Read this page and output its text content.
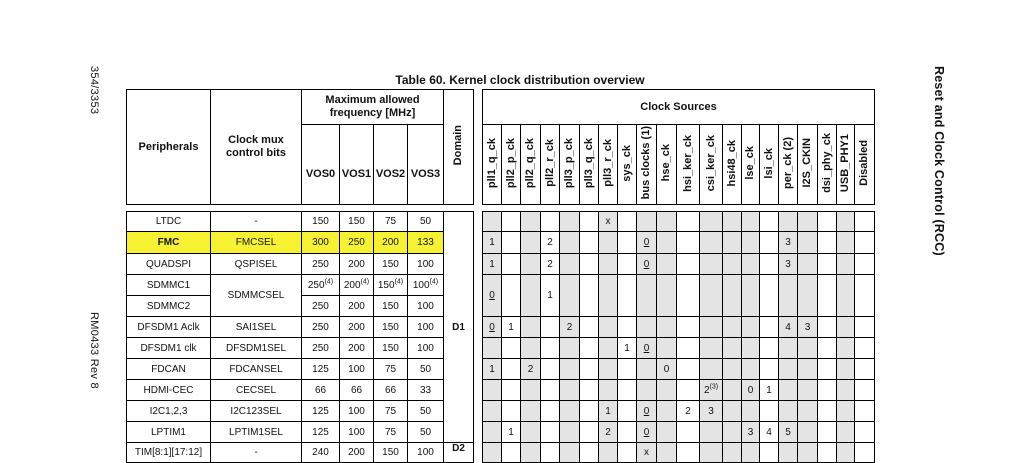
354/3353
RM0433 Rev 8
Reset and Clock Control (RCC)
Table 60. Kernel clock distribution overview
Peripherals	Clock mux control bits	Maximum allowed frequency [MHz]				Domain		Clock Sources																			
		VOS0	VOS1	VOS2	VOS3			pll1_q_ck	pll2_p_ck	pll2_q_ck	pll2_r_ck	pll3_p_ck	pll3_q_ck	pll3_r_ck	sys_ck	bus clocks (1)	hse_ck	hsi_ker_ck	csi_ker_ck	hsi48_ck	lse_ck	lsi_ck	per_ck (2)	I2S_CKIN	dsi_phy_ck	USB_PHY1	Disabled

LTDC	-	150	150	75	50	D1								x													
FMC	FMCSEL	300	250	200	133			1			2					0							3				
QUADSPI	QSPISEL	250	200	150	100			1			2					0							3				
SDMMC1	SDMMCSEL	250$^{(4)}$	200$^{(4)}$	150$^{(4)}$	100$^{(4)}$			0			1																
SDMMC2		250	200	150	100																						
DFSDM1 Aclk	SAI1SEL	250	200	150	100			0	1			2											4	3			
DFSDM1 clk	DFSDM1SEL	250	200	150	100										1	0											
FDCAN	FDCANSEL	125	100	75	50			1		2							0										
HDMI-CEC	CECSEL	66	66	66	33														2$^{(3)}$		0	1					
I2C1,2,3	I2C123SEL	125	100	75	50									1		0		2	3								
LPTIM1	LPTIM1SEL	125	100	75	50				1					2		0					3	4	5				
TIM[8:1][17:12]	-	240	200	150	100	D2										x											
